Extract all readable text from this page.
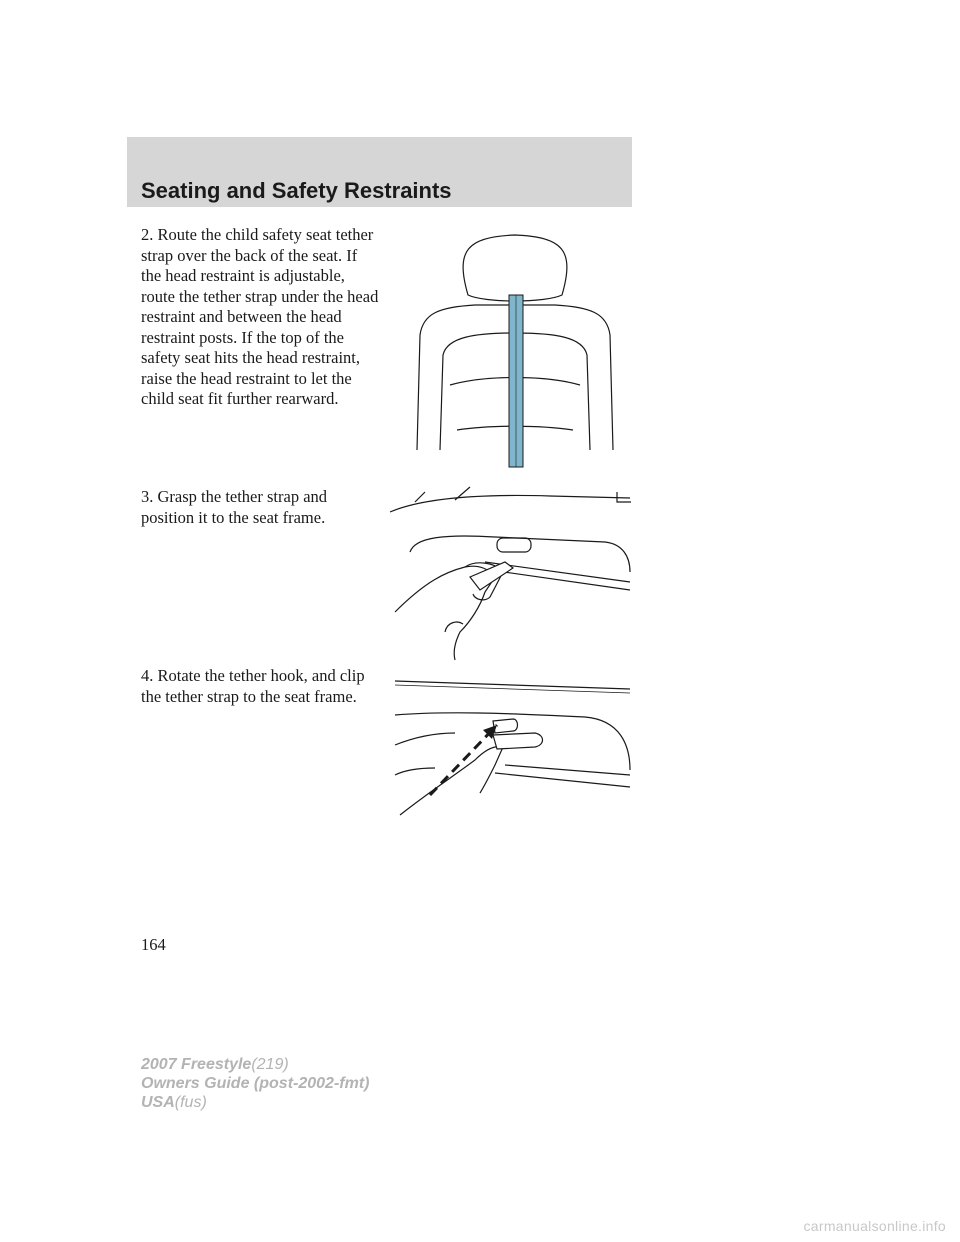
Seating and Safety Restraints

2. Route the child safety seat tether strap over the back of the seat. If the head restraint is adjustable, route the tether strap under the head restraint and between the head restraint posts. If the top of the safety seat hits the head restraint, raise the head restraint to let the child seat fit further rearward.

3. Grasp the tether strap and position it to the seat frame.

4. Rotate the tether hook, and clip the tether strap to the seat frame.

164

2007 Freestyle(219)
Owners Guide (post-2002-fmt)
USA(fus)
carmanualsonline.info
